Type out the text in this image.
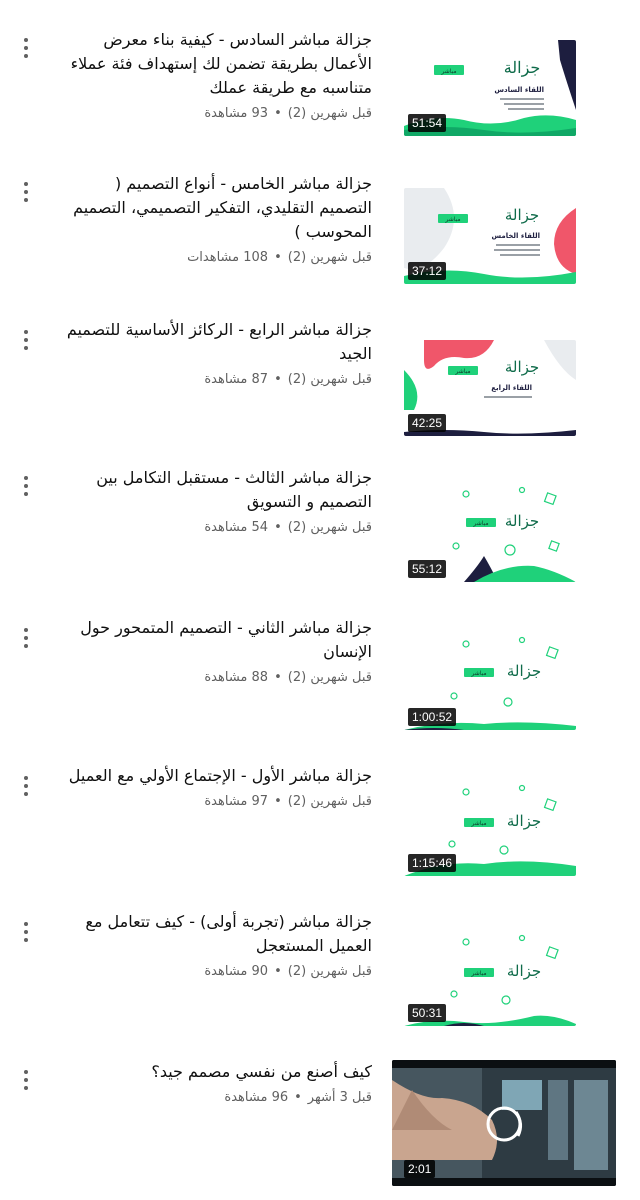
جزالة مباشر السادس - كيفية بناء معرض الأعمال بطريقة تضمن لك إستهداف فئة عملاء متناسبه مع طريقة عملك
قبل شهرين (2)•93 مشاهدة
مباشر	جزالة
اللقاء السادس
51:54
جزالة مباشر الخامس - أنواع التصميم ( التصميم التقليدي، التفكير التصميمي، التصميم المحوسب )
قبل شهرين (2)•108 مشاهدات
مباشر	جزالة
اللقاء الخامس
37:12
جزالة مباشر الرابع - الركائز الأساسية للتصميم الجيد
قبل شهرين (2)•87 مشاهدة
مباشر جزالة
اللقاء الرابع
42:25
جزالة مباشر الثالث - مستقبل التكامل بين التصميم و التسويق
قبل شهرين (2)•54 مشاهدة	مباشر جزالة
55:12
جزالة مباشر الثاني - التصميم المتمحور حول الإنسان
قبل شهرين (2)•88 مشاهدة	مباشر جزالة
1:00:52
جزالة مباشر الأول - الإجتماع الأولي مع العميل
قبل شهرين (2)•97 مشاهدة
مباشر جزالة
1:15:46
جزالة مباشر (تجربة أولى) - كيف تتعامل مع العميل المستعجل
قبل شهرين (2)•90 مشاهدة	مباشر جزالة
50:31
كيف أصنع من نفسي مصمم جيد؟
قبل 3 أشهر•96 مشاهدة
2:01
